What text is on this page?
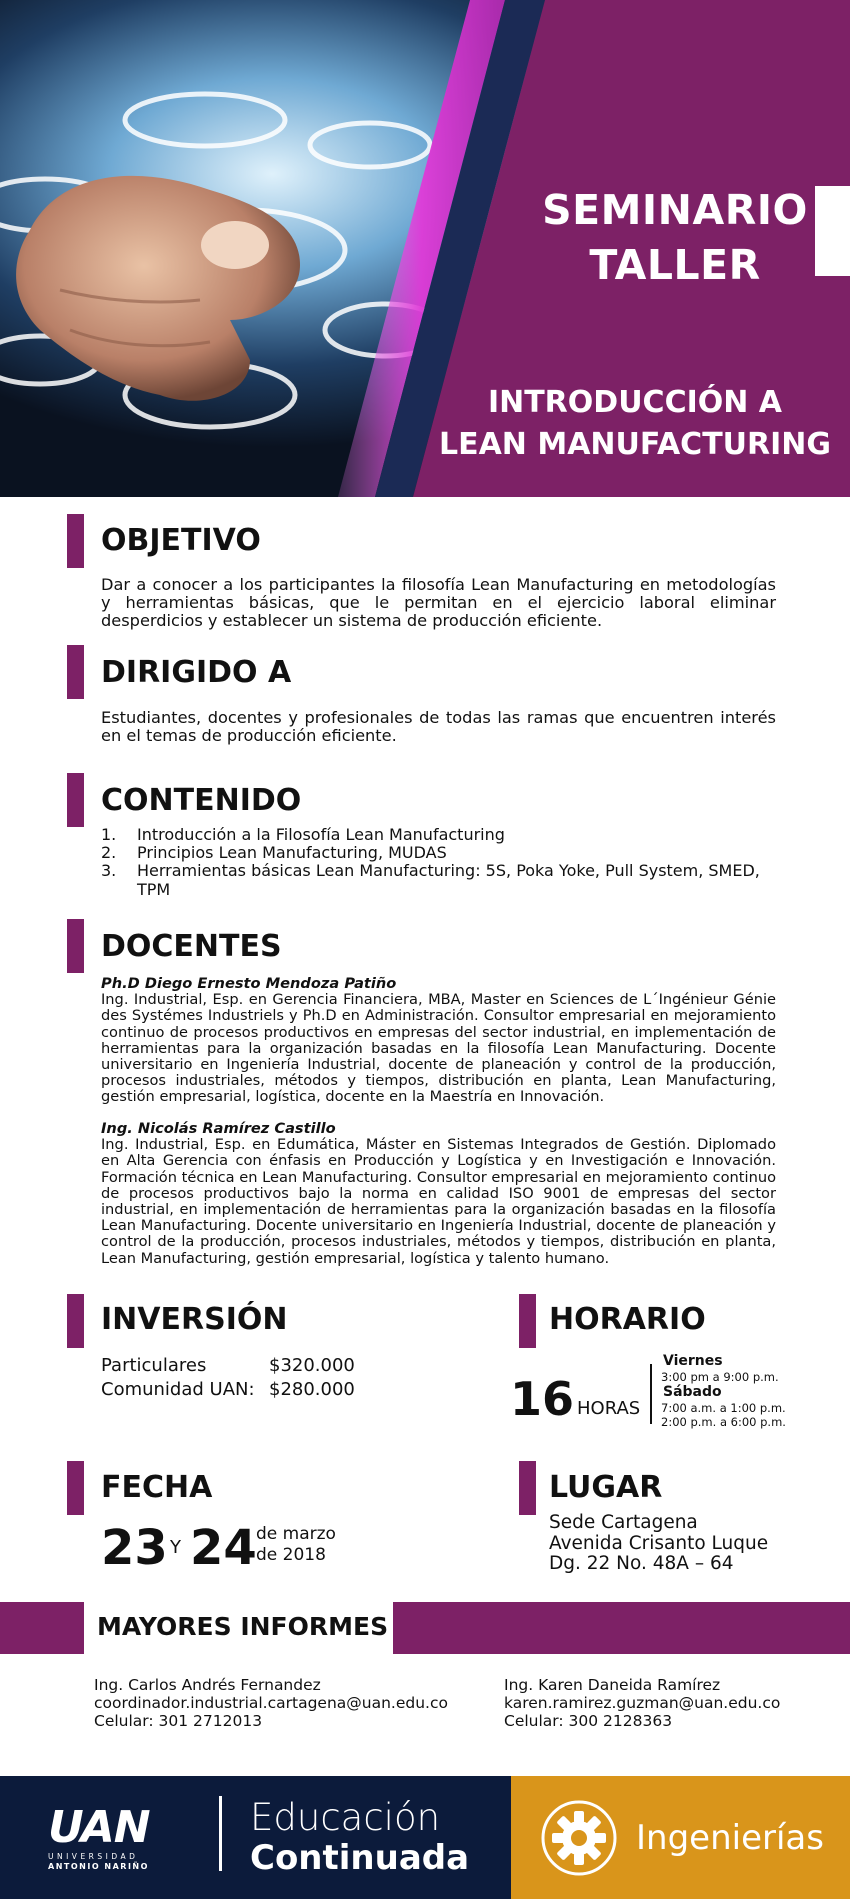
SEMINARIO
TALLER
INTRODUCCIÓN A
LEAN MANUFACTURING
OBJETIVO

Dar a conocer a los participantes la filosofía Lean Manufacturing en metodologías y herramientas básicas, que le permitan en el ejercicio laboral eliminar desperdicios y establecer un sistema de producción eficiente.

DIRIGIDO A

Estudiantes, docentes y profesionales de todas las ramas que encuentren interés en el temas de producción eficiente.

CONTENIDO
1. Introducción a la Filosofía Lean Manufacturing
2. Principios Lean Manufacturing, MUDAS
3. Herramientas básicas Lean Manufacturing: 5S, Poka Yoke, Pull System, SMED, TPM
DOCENTES
Ph.D Diego Ernesto Mendoza Patiño
Ing. Industrial, Esp. en Gerencia Financiera, MBA, Master en Sciences de L´Ingénieur Génie des Systémes Industriels y Ph.D en Administración. Consultor empresarial en mejoramiento continuo de procesos productivos en empresas del sector industrial, en implementación de herramientas para la organización basadas en la filosofía Lean Manufacturing. Docente universitario en Ingeniería Industrial, docente de planeación y control de la producción, procesos industriales, métodos y tiempos, distribución en planta, Lean Manufacturing, gestión empresarial, logística, docente en la Maestría en Innovación.
Ing. Nicolás Ramírez Castillo
Ing. Industrial, Esp. en Edumática, Máster en Sistemas Integrados de Gestión. Diplomado en Alta Gerencia con énfasis en Producción y Logística y en Investigación e Innovación. Formación técnica en Lean Manufacturing. Consultor empresarial en mejoramiento continuo de procesos productivos bajo la norma en calidad ISO 9001 de empresas del sector industrial, en implementación de herramientas para la organización basadas en la filosofía Lean Manufacturing. Docente universitario en Ingeniería Industrial, docente de planeación y control de la producción, procesos industriales, métodos y tiempos, distribución en planta, Lean Manufacturing, gestión empresarial, logística y talento humano.
INVERSIÓN
Particulares	$320.000
Comunidad UAN:	$280.000
HORARIO
16 HORAS
Viernes
3:00 pm a 9:00 p.m.
Sábado
7:00 a.m. a 1:00 p.m.
2:00 p.m. a 6:00 p.m.
FECHA
23 Y 24 de marzo
de 2018
LUGAR
Sede Cartagena
Avenida Crisanto Luque
Dg. 22 No. 48A – 64
MAYORES INFORMES
Ing. Carlos Andrés Fernandez
coordinador.industrial.cartagena@uan.edu.co
Celular: 301 2712013
Ing. Karen Daneida Ramírez
karen.ramirez.guzman@uan.edu.co
Celular: 300 2128363
UAN
UNIVERSIDAD
ANTONIO NARIÑO
Educación
Continuada	Ingenierías
